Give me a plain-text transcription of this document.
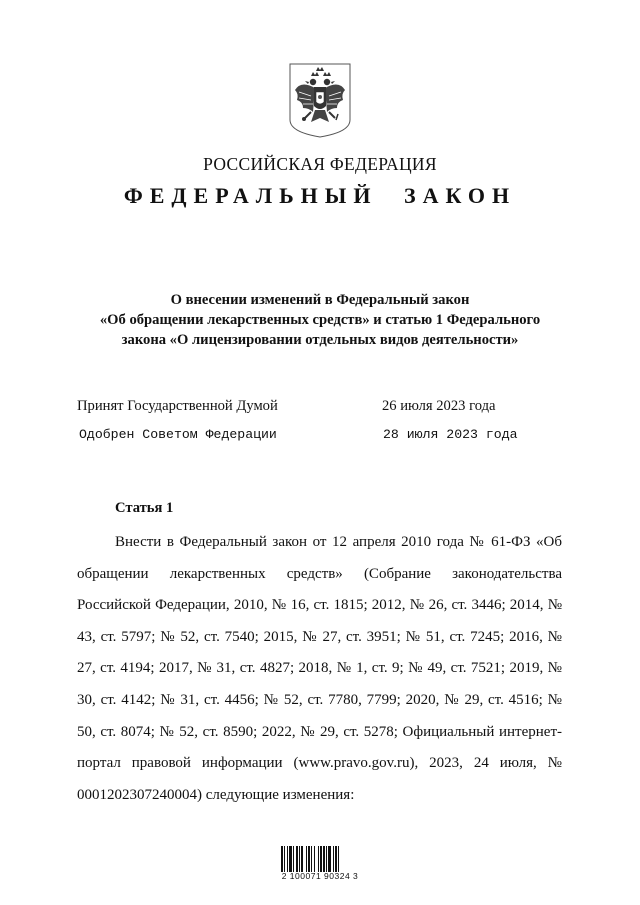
РОССИЙСКАЯ ФЕДЕРАЦИЯ
ФЕДЕРАЛЬНЫЙ ЗАКОН
О внесении изменений в Федеральный закон
«Об обращении лекарственных средств» и статью 1 Федерального
закона «О лицензировании отдельных видов деятельности»
Принят Государственной Думой	26 июля 2023 года
Одобрен Советом Федерации	28 июля 2023 года
Статья 1

Внести в Федеральный закон от 12 апреля 2010 года № 61-ФЗ «Об обращении лекарственных средств» (Собрание законодательства Российской Федерации, 2010, № 16, ст. 1815; 2012, № 26, ст. 3446; 2014, № 43, ст. 5797; № 52, ст. 7540; 2015, № 27, ст. 3951; № 51, ст. 7245; 2016, № 27, ст. 4194; 2017, № 31, ст. 4827; 2018, № 1, ст. 9; № 49, ст. 7521; 2019, № 30, ст. 4142; № 31, ст. 4456; № 52, ст. 7780, 7799; 2020, № 29, ст. 4516; № 50, ст. 8074; № 52, ст. 8590; 2022, № 29, ст. 5278; Официальный интернет-портал правовой информации (www.pravo.gov.ru), 2023, 24 июля, № 0001202307240004) следующие изменения:

2 100071 90324 3
